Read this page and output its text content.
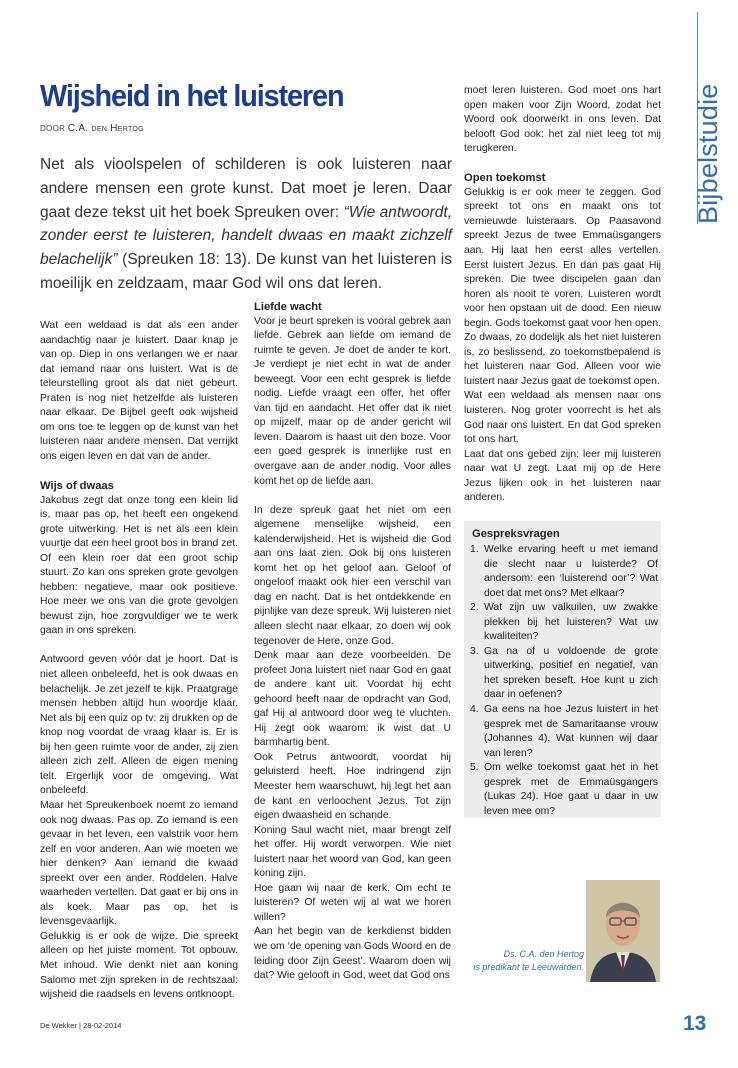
Bijbelstudie
Wijsheid in het luisteren
DOOR C.A. den Hertog
Net als vioolspelen of schilderen is ook luisteren naar andere mensen een grote kunst. Dat moet je leren. Daar gaat deze tekst uit het boek Spreuken over: “Wie antwoordt, zonder eerst te luisteren, handelt dwaas en maakt zichzelf belachelijk” (Spreuken 18: 13). De kunst van het luisteren is moeilijk en zeldzaam, maar God wil ons dat leren.

Wat een weldaad is dat als een ander aandachtig naar je luistert. Daar knap je van op. Diep in ons verlangen we er naar dat iemand naar ons luistert. Wat is de teleurstelling groot als dat niet gebeurt. Praten is nog niet hetzelfde als luisteren naar elkaar. De Bijbel geeft ook wijsheid om ons toe te leggen op de kunst van het luisteren naar andere mensen. Dat verrijkt ons eigen leven en dat van de ander.

Wijs of dwaas

Jakobus zegt dat onze tong een klein lid is, maar pas op, het heeft een ongekend grote uitwerking. Het is net als een klein vuurtje dat een heel groot bos in brand zet. Of een klein roer dat een groot schip stuurt. Zo kan ons spreken grote gevolgen hebben: negatieve, maar ook positieve. Hoe meer we ons van die grote gevolgen bewust zijn, hoe zorgvuldiger we te werk gaan in ons spreken.

Antwoord geven vóór dat je hoort. Dat is niet alleen onbeleefd, het is ook dwaas en belachelijk. Je zet jezelf te kijk. Praatgrage mensen hebben altijd hun woordje klaar. Net als bij een quiz op tv: zij drukken op de knop nog voordat de vraag klaar is. Er is bij hen geen ruimte voor de ander, zij zien alleen zich zelf. Alleen de eigen mening telt. Ergerlijk voor de omgeving. Wat onbeleefd.

Maar het Spreukenboek noemt zo iemand ook nog dwaas. Pas op. Zo iemand is een gevaar in het leven, een valstrik voor hem zelf en voor anderen. Aan wie moeten we hier denken? Aan iemand die kwaad spreekt over een ander. Roddelen. Halve waarheden vertellen. Dat gaat er bij ons in als koek. Maar pas op, het is levensgevaarlijk.

Gelukkig is er ook de wijze. Die spreekt alleen op het juiste moment. Tot opbouw. Met inhoud. Wie denkt niet aan koning Salomo met zijn spreken in de rechtszaal: wijsheid die raadsels en levens ontknoopt.

Liefde wacht

Voor je beurt spreken is vooral gebrek aan liefde. Gebrek aan liefde om iemand de ruimte te geven. Je doet de ander te kort. Je verdiept je niet echt in wat de ander beweegt. Voor een echt gesprek is liefde nodig. Liefde vraagt een offer, het offer van tijd en aandacht. Het offer dat ik niet op mijzelf, maar op de ander gericht wil leven. Daarom is haast uit den boze. Voor een goed gesprek is innerlijke rust en overgave aan de ander nodig. Voor alles komt het op de liefde aan.

In deze spreuk gaat het niet om een algemene menselijke wijsheid, een kalenderwijsheid. Het is wijsheid die God aan ons laat zien. Ook bij ons luisteren komt het op het geloof aan. Geloof of ongeloof maakt ook hier een verschil van dag en nacht. Dat is het ontdekkende en pijnlijke van deze spreuk. Wij luisteren niet alleen slecht naar elkaar, zo doen wij ook tegenover de Here, onze God.

Denk maar aan deze voorbeelden. De profeet Jona luistert niet naar God en gaat de andere kant uit. Voordat hij echt gehoord heeft naar de opdracht van God, gaf Hij al antwoord door weg te vluchten. Hij zegt ook waarom: ik wist dat U barmhartig bent.

Ook Petrus antwoordt, voordat hij geluisterd heeft. Hoe indringend zijn Meester hem waarschuwt, hij legt het aan de kant en verloochent Jezus. Tot zijn eigen dwaasheid en schande.

Koning Saul wacht niet, maar brengt zelf het offer. Hij wordt verworpen. Wie niet luistert naar het woord van God, kan geen koning zijn.

Hoe gaan wij naar de kerk. Om echt te luisteren? Of weten wij al wat we horen willen?

Aan het begin van de kerkdienst bidden we om ‘de opening van Gods Woord en de leiding door Zijn Geest’. Waarom doen wij dat? Wie gelooft in God, weet dat God ons

moet leren luisteren. God moet ons hart open maken voor Zijn Woord, zodat het Woord ook doorwerkt in ons leven. Dat belooft God ook: het zal niet leeg tot mij terugkeren.

Open toekomst

Gelukkig is er ook meer te zeggen. God spreekt tot ons en maakt ons tot vernieuwde luisteraars. Op Paasavond spreekt Jezus de twee Emmaüsgangers aan. Hij laat hen eerst alles vertellen. Eerst luistert Jezus. En dan pas gaat Hij spreken. Die twee discipelen gaan dan horen als nooit te voren. Luisteren wordt voor hen opstaan uit de dood. Een nieuw begin. Gods toekomst gaat voor hen open. Zo dwaas, zo dodelijk als het niet luisteren is, zo beslissend, zo toekomstbepalend is het luisteren naar God. Alleen voor wie luistert naar Jezus gaat de toekomst open.

Wat een weldaad als mensen naar ons luisteren. Nog groter voorrecht is het als God naar ons luistert. En dat God spreken tot ons hart.

Laat dat ons gebed zijn: leer mij luisteren naar wat U zegt. Laat mij op de Here Jezus lijken ook in het luisteren naar anderen.

Gespreksvragen
1. Welke ervaring heeft u met iemand die slecht naar u luisterde? Of andersom: een ‘luisterend oor’? Wat doet dat met ons? Met elkaar?
2. Wat zijn uw valkuilen, uw zwakke plekken bij het luisteren? Wat uw kwaliteiten?
3. Ga na of u voldoende de grote uitwerking, positief en negatief, van het spreken beseft. Hoe kunt u zich daar in oefenen?
4. Ga eens na hoe Jezus luistert in het gesprek met de Samaritaanse vrouw (Johannes 4). Wat kunnen wij daar van leren?
5. Om welke toekomst gaat het in het gesprek met de Emmaüsgangers (Lukas 24). Hoe gaat u daar in uw leven mee om?
Ds. C.A. den Hertog
is predikant te Leeuwarden.
De Wekker | 28-02-2014	13
